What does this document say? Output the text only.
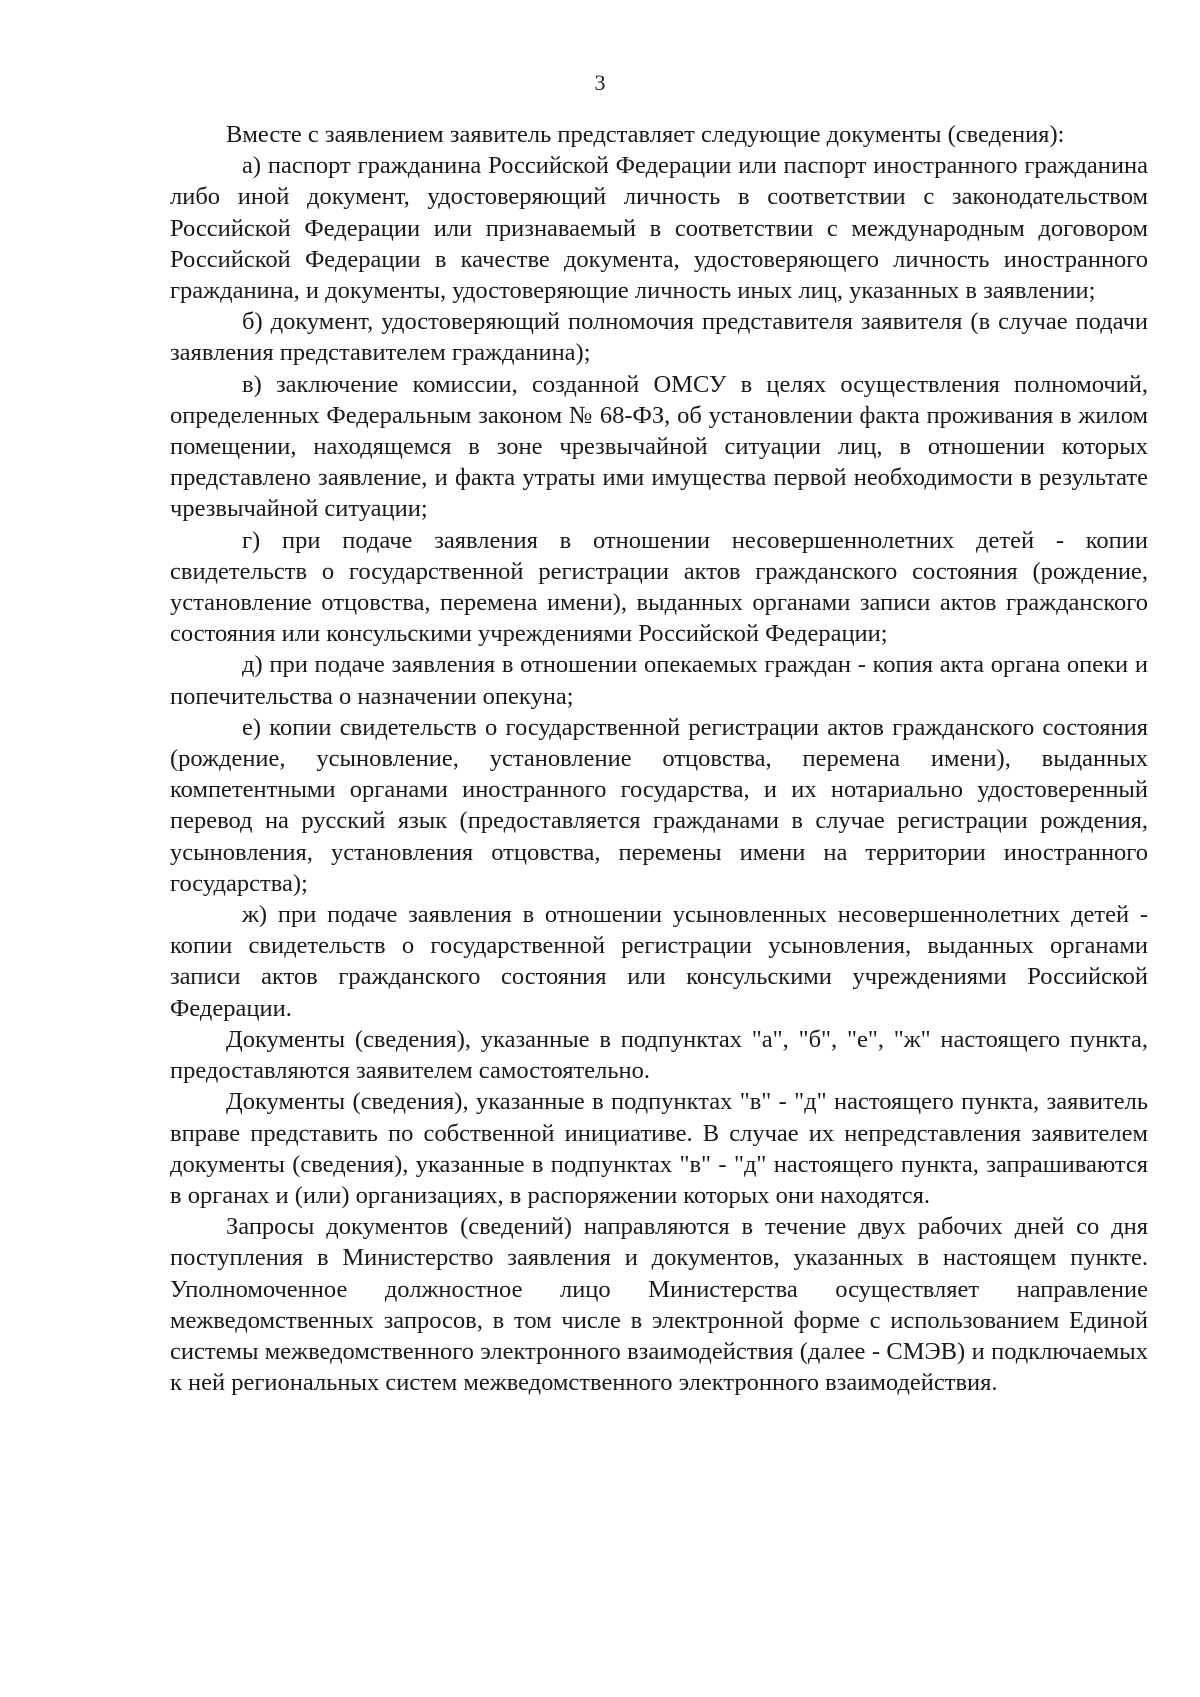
3

Вместе с заявлением заявитель представляет следующие документы (сведения):

а) паспорт гражданина Российской Федерации или паспорт иностранного гражданина либо иной документ, удостоверяющий личность в соответствии с законодательством Российской Федерации или признаваемый в соответствии с международным договором Российской Федерации в качестве документа, удостоверяющего личность иностранного гражданина, и документы, удостоверяющие личность иных лиц, указанных в заявлении;

б) документ, удостоверяющий полномочия представителя заявителя (в случае подачи заявления представителем гражданина);

в) заключение комиссии, созданной ОМСУ в целях осуществления полномочий, определенных Федеральным законом № 68-ФЗ, об установлении факта проживания в жилом помещении, находящемся в зоне чрезвычайной ситуации лиц, в отношении которых представлено заявление, и факта утраты ими имущества первой необходимости в результате чрезвычайной ситуации;

г) при подаче заявления в отношении несовершеннолетних детей - копии свидетельств о государственной регистрации актов гражданского состояния (рождение, установление отцовства, перемена имени), выданных органами записи актов гражданского состояния или консульскими учреждениями Российской Федерации;

д) при подаче заявления в отношении опекаемых граждан - копия акта органа опеки и попечительства о назначении опекуна;

е) копии свидетельств о государственной регистрации актов гражданского состояния (рождение, усыновление, установление отцовства, перемена имени), выданных компетентными органами иностранного государства, и их нотариально удостоверенный перевод на русский язык (предоставляется гражданами в случае регистрации рождения, усыновления, установления отцовства, перемены имени на территории иностранного государства);

ж) при подаче заявления в отношении усыновленных несовершеннолетних детей - копии свидетельств о государственной регистрации усыновления, выданных органами записи актов гражданского состояния или консульскими учреждениями Российской Федерации.

Документы (сведения), указанные в подпунктах "а", "б", "е", "ж" настоящего пункта, предоставляются заявителем самостоятельно.

Документы (сведения), указанные в подпунктах "в" - "д" настоящего пункта, заявитель вправе представить по собственной инициативе. В случае их непредставления заявителем документы (сведения), указанные в подпунктах "в" - "д" настоящего пункта, запрашиваются в органах и (или) организациях, в распоряжении которых они находятся.

Запросы документов (сведений) направляются в течение двух рабочих дней со дня поступления в Министерство заявления и документов, указанных в настоящем пункте. Уполномоченное должностное лицо Министерства осуществляет направление межведомственных запросов, в том числе в электронной форме с использованием Единой системы межведомственного электронного взаимодействия (далее - СМЭВ) и подключаемых к ней региональных систем межведомственного электронного взаимодействия.
